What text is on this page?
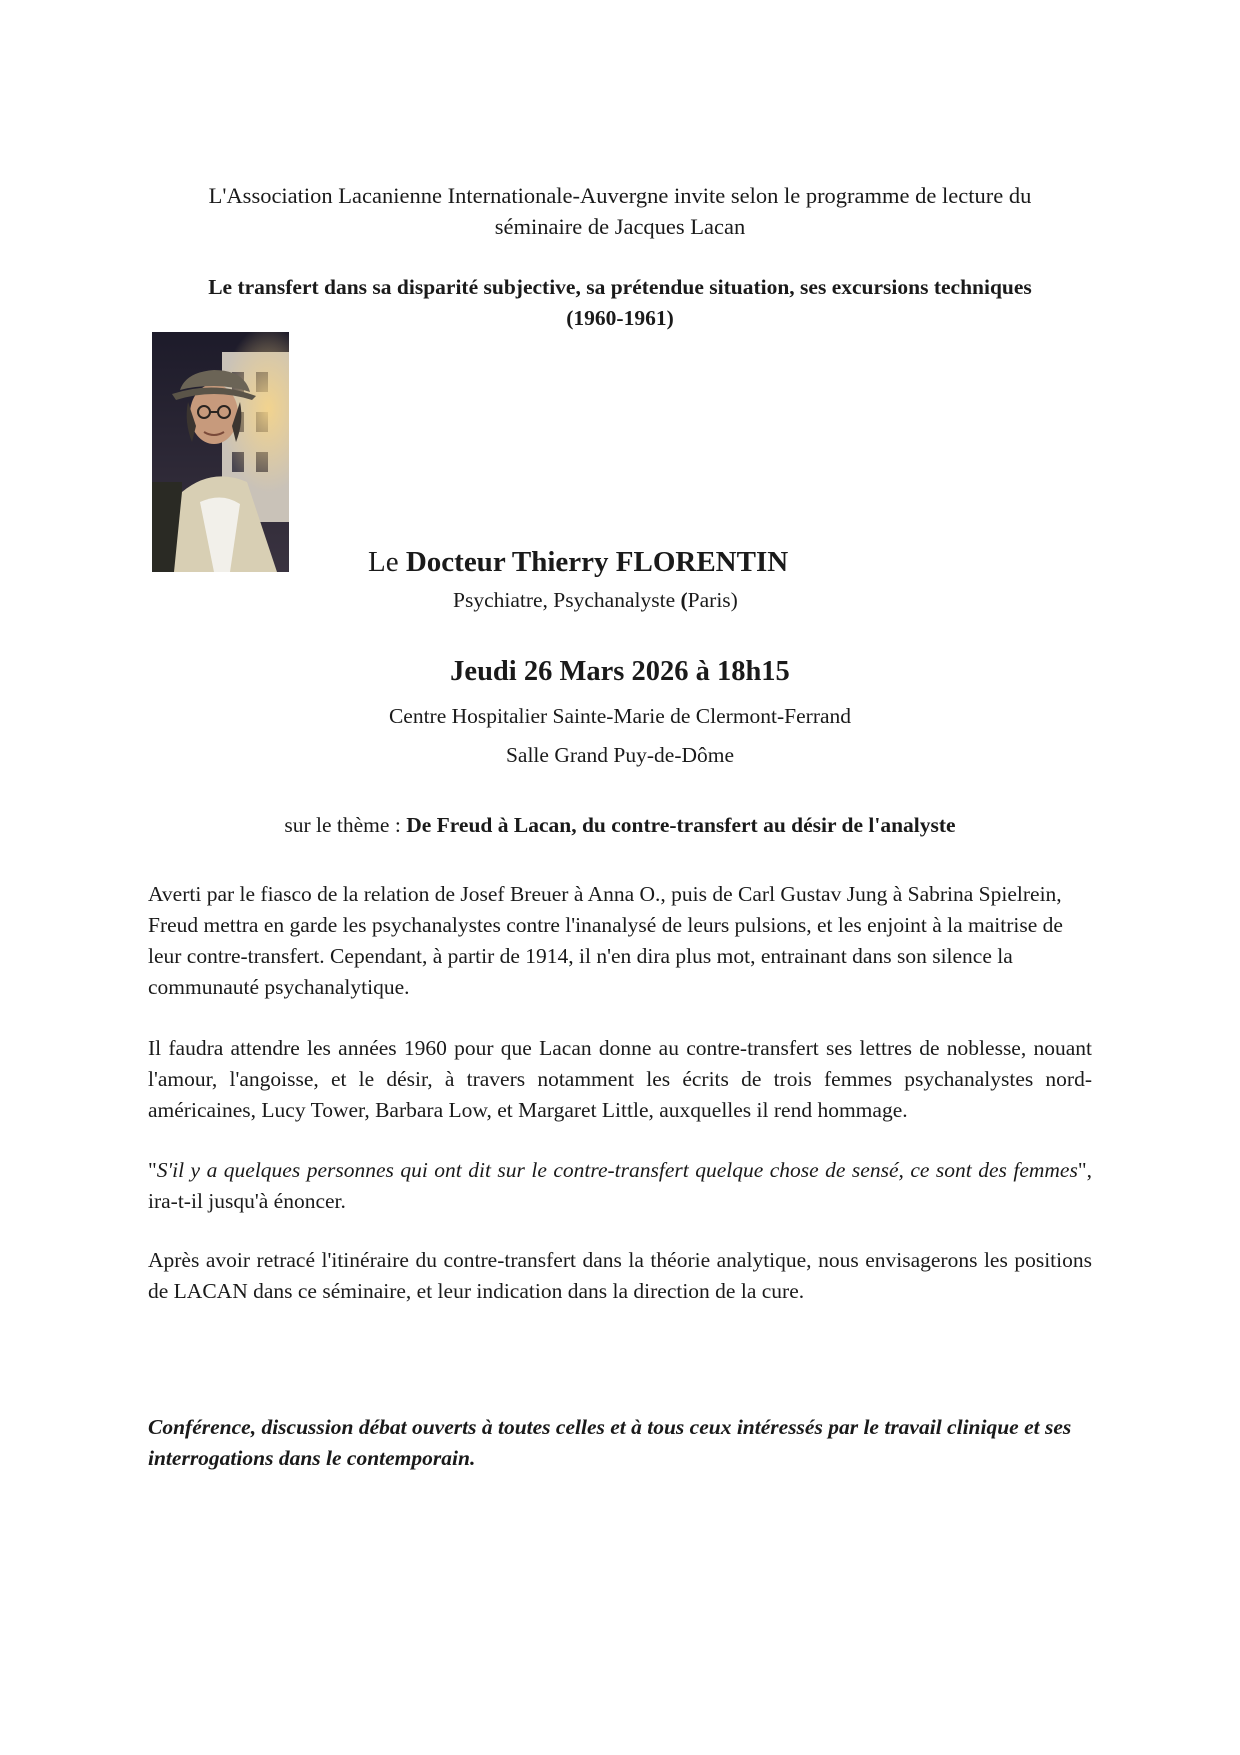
L'Association Lacanienne Internationale-Auvergne invite selon le programme de lecture du
séminaire de Jacques Lacan
Le transfert dans sa disparité subjective, sa prétendue situation, ses excursions techniques
(1960-1961)
Le Docteur Thierry FLORENTIN
Psychiatre, Psychanalyste (Paris)
Jeudi 26 Mars 2026 à 18h15
Centre Hospitalier Sainte-Marie de Clermont-Ferrand
Salle Grand Puy-de-Dôme
sur le thème : De Freud à Lacan, du contre-transfert au désir de l'analyste
Averti par le fiasco de la relation de Josef Breuer à Anna O., puis de Carl Gustav Jung à Sabrina Spielrein, Freud mettra en garde les psychanalystes contre l'inanalysé de leurs pulsions, et les enjoint à la maitrise de leur contre-transfert. Cependant, à partir de 1914, il n'en dira plus mot, entrainant dans son silence la communauté psychanalytique.
Il faudra attendre les années 1960 pour que Lacan donne au contre-transfert ses lettres de noblesse, nouant l'amour, l'angoisse, et le désir, à travers notamment les écrits de trois femmes psychanalystes nord-américaines, Lucy Tower, Barbara Low, et Margaret Little, auxquelles il rend hommage.
"S'il y a quelques personnes qui ont dit sur le contre-transfert quelque chose de sensé, ce sont des femmes", ira-t-il jusqu'à énoncer.
Après avoir retracé l'itinéraire du contre-transfert dans la théorie analytique, nous envisagerons les positions de LACAN dans ce séminaire, et leur indication dans la direction de la cure.
Conférence, discussion débat ouverts à toutes celles et à tous ceux intéressés par le travail clinique et ses interrogations dans le contemporain.
